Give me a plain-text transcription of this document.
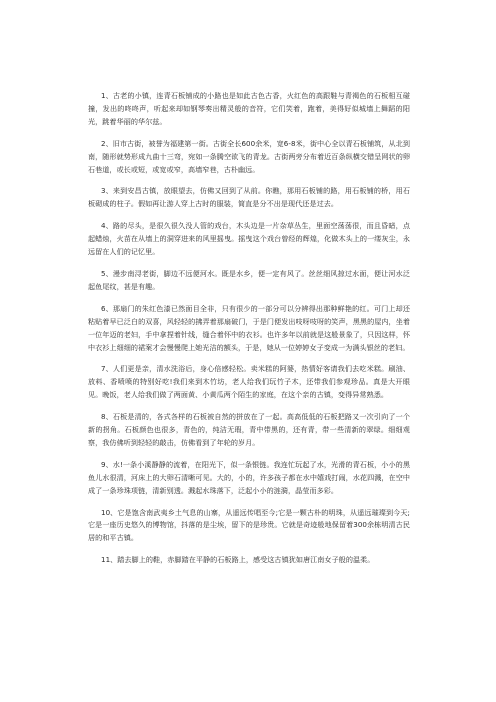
1、古老的小镇，连青石板铺成的小路也是如此古色古香，火红色的高跟鞋与青褐色的石板相互碰撞，发出的咚咚声，听起来却如钢琴奏出精灵般的音符，它们笑着，跑着，美得好似城墙上舞蹈的阳光，跳着华丽的华尔兹。

2、旧市古街，被誉为福建第一街。古街全长600余米，宽6-8米，街中心全以青石板铺筑，从北到南，随形就势形成九曲十三弯，宛如一条腾空欲飞的青龙。古街两旁分布着近百条纵横交错呈网状的卵石巷道，或长或短，或宽或窄，高墙窄巷，古朴幽远。

3、来到安昌古镇，放眼望去，仿佛又回到了从前。你瞧，那用石板铺的路，用石板铺的桥，用石板砌成的柱子。假如再让游人穿上古时的服装，简直是分不出是现代还是过去。

4、路的尽头，是很久很久没人管的戏台，木头边是一片杂草丛生，里面空荡荡很，而且昏暗，点起蜡烛，火苗在从墙上的洞穿进来的风里摇曳。摇曳这个戏台曾经的辉煌，化做木头上的一缕灰尘，永远留在人们的记忆里。

5、漫步南浔老街，脚边不远便河水。既是水乡，便一定有风了。丝丝细风掠过水面，便让河水泛起鱼尾纹，甚是有趣。

6、那扇门的朱红色漆已然面目全非，只有很少的一部分可以分辨得出那种鲜艳的红。可门上却还粘贴着早已泛白的双喜，风轻轻的拂弄着那扇破门，于是门便发出吱呀吱呀的笑声，黑黑的屋内，坐着一位年迈的老妇，手中拿捏着针线，缝合着怀中的衣衫。也许多年以前就是这般景象了，只因这样，怀中衣衫上细细的裙案才会慢慢爬上她光洁的额头，于是，她从一位婷婷女子变成一为满头银丝的老妇。

7、人们更是亲，清水洗浴后，身心倍感轻松。卖米糕的阿婆，热情好客请我们去吃米糕。刷油、放料、香喷喷的特别好吃!我们来到木竹坊，老人给我们玩竹子木，还带我们参观珍品。真是大开眼见。晚饭，老人给我们做了两面黄、小黄瓜两个陌生的家庭，在这个亲的古镇，变得异常熟悉。

8、石板是清的，各式各样的石板被自然的拼放在了一起。高高低低的石板把路又一次引向了一个新的拐角。石板颜色也很多，青色的，纯洁无瑕，青中带黑的，还有青，带一些清新的翠绿。细细观察，我仿佛听到轻轻的敲击，仿佛看到了年轮的岁月。

9、水!一条小溪静静的流着，在阳光下，似一条银链。我连忙玩起了水，光滑的青石板，小小的黑鱼儿水很清，河床上的大卵石清晰可见。大的，小的，许多孩子都在水中嬉戏打闹，水花四溅，在空中成了一条珍珠项链，清新别透。溅起水珠落下，泛起小小的涟漪，晶莹而多彩。

10、它是饱含南武夷乡土气息的山寨，从遥远传唱至今;它是一颗古朴的明珠，从遥远璀璨到今天;它是一座历史悠久的博物馆，抖落的是尘埃，留下的是珍贵。它就是奇迹般地保留着300余栋明清古民居的和平古镇。

11、踏去脚上的鞋，赤脚踏在平静的石板路上，感受这古镇犹如唐江南女子般的温柔。
